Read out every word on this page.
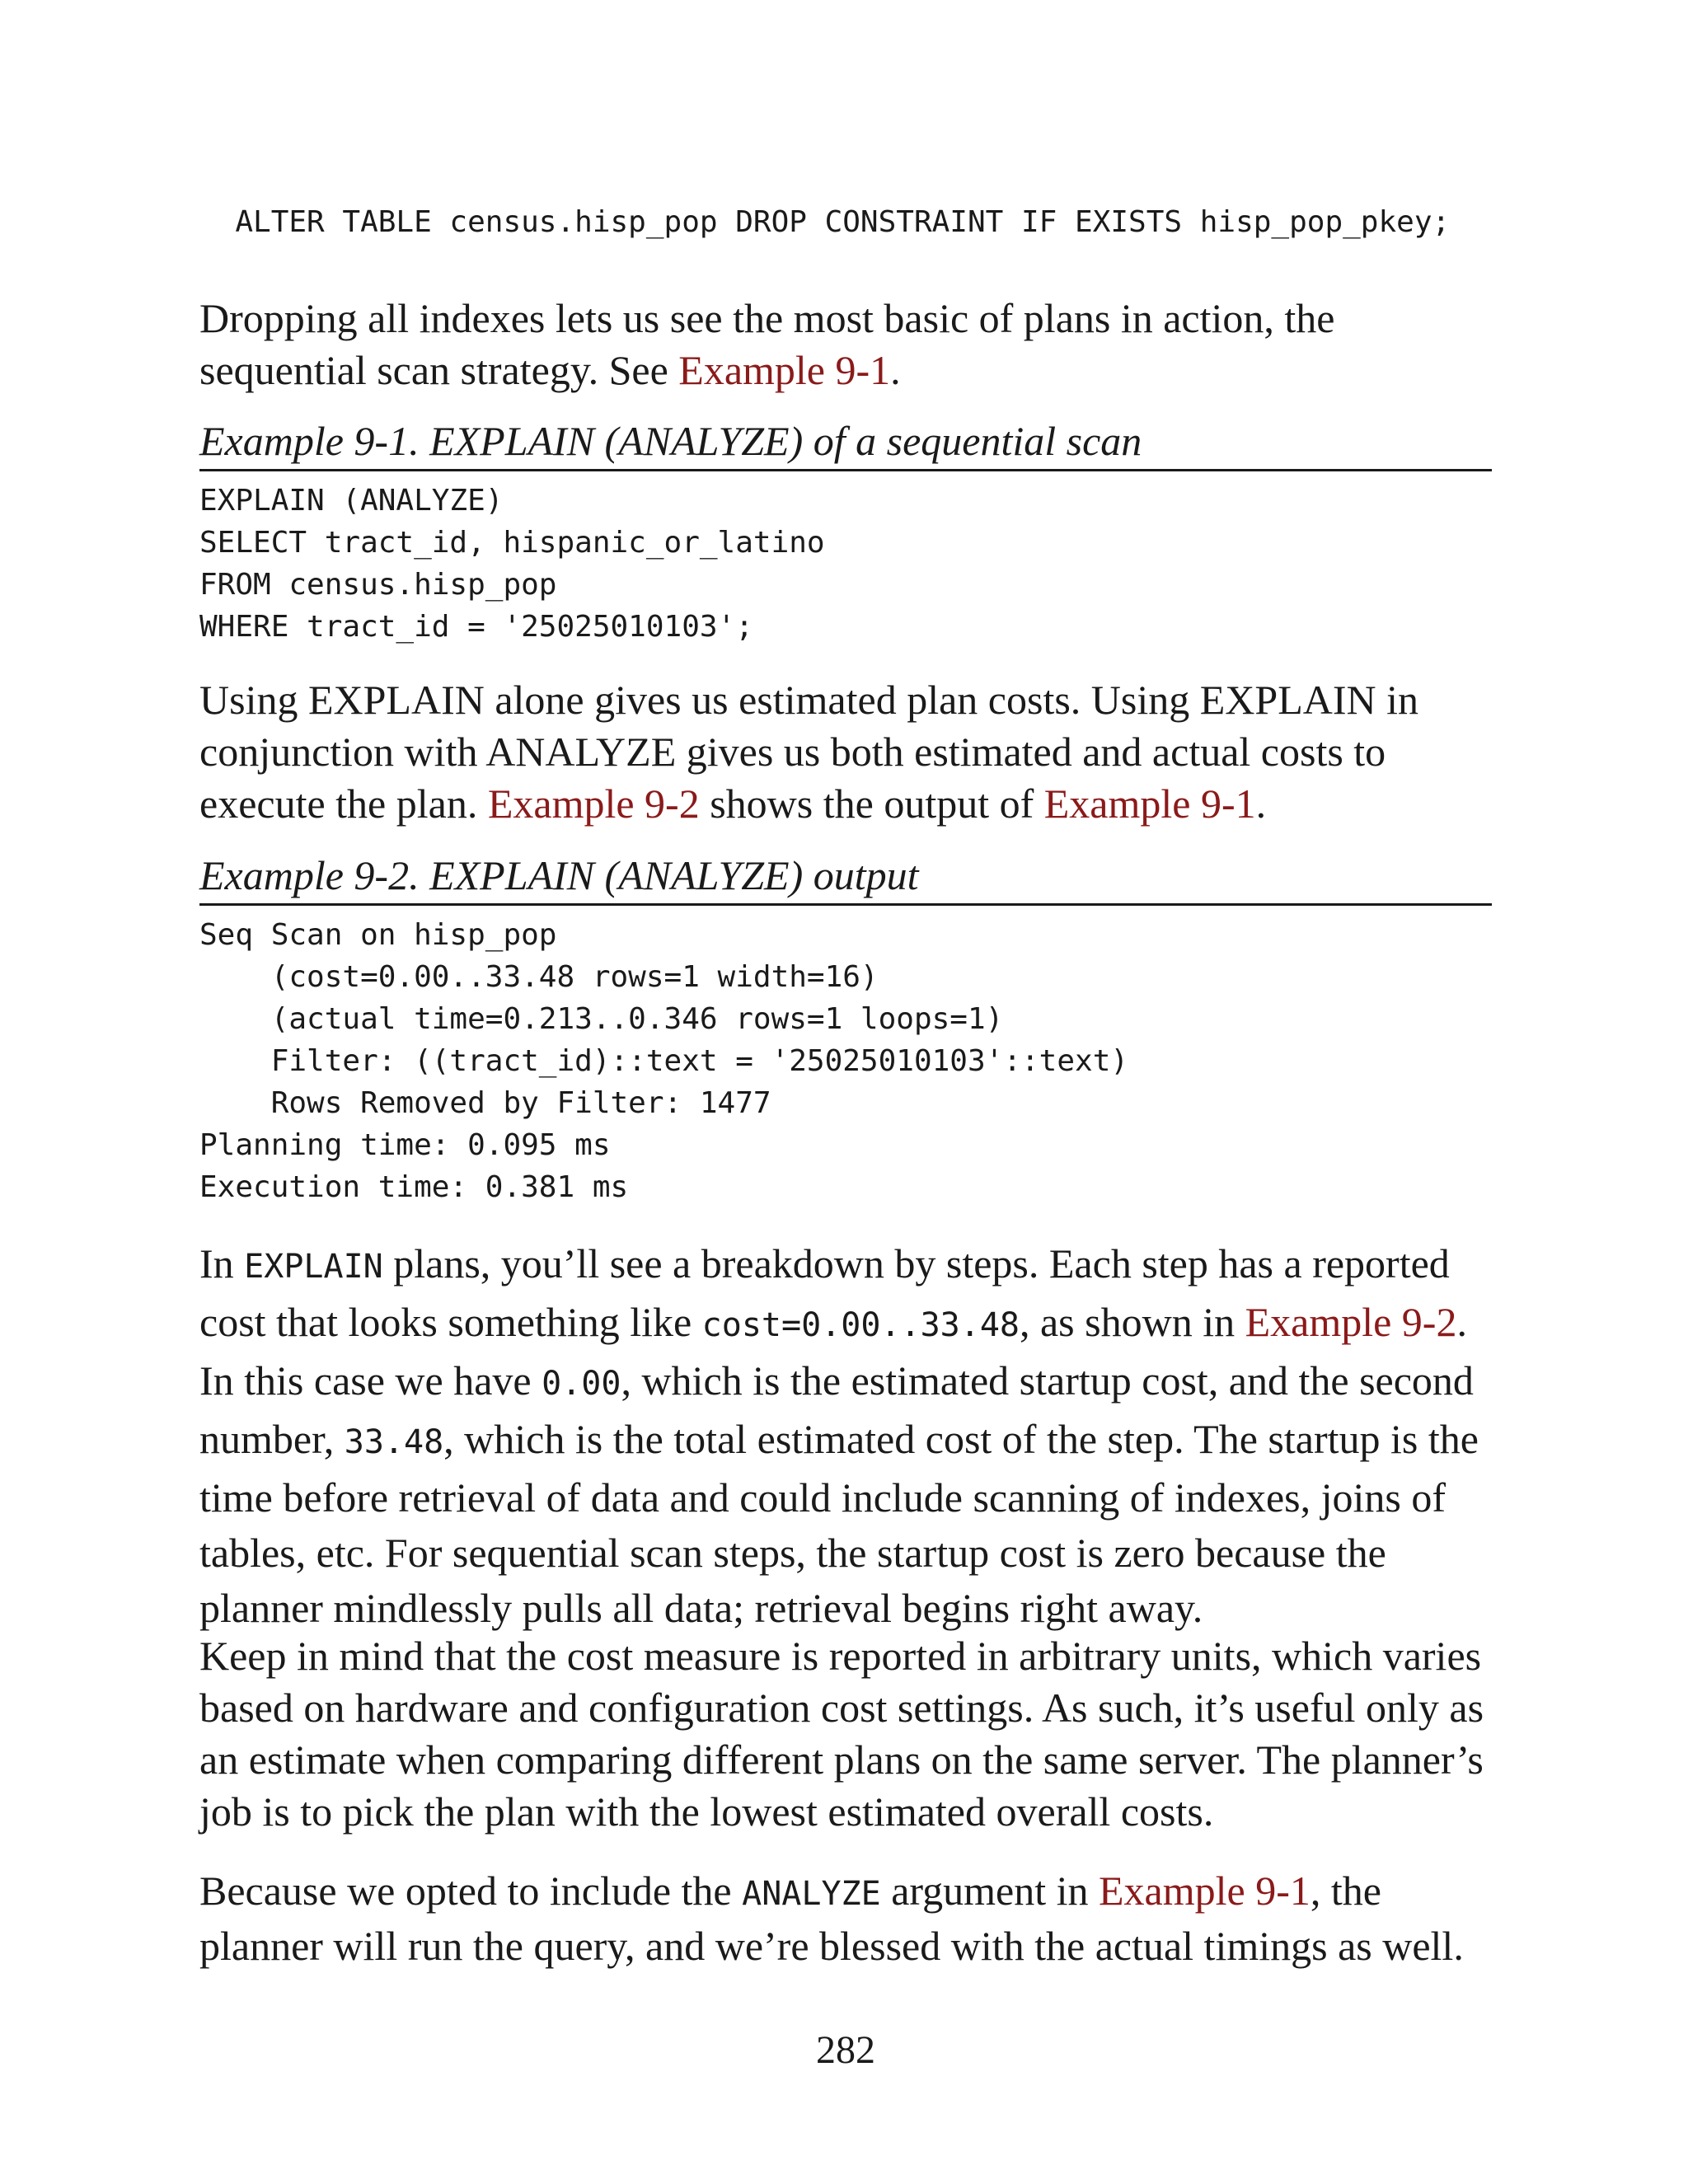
ALTER TABLE census.hisp_pop DROP CONSTRAINT IF EXISTS hisp_pop_pkey;

Dropping all indexes lets us see the most basic of plans in action, the sequential scan strategy. See Example 9-1.

Example 9-1. EXPLAIN (ANALYZE) of a sequential scan
EXPLAIN (ANALYZE)
SELECT tract_id, hispanic_or_latino
FROM census.hisp_pop
WHERE tract_id = '25025010103';

Using EXPLAIN alone gives us estimated plan costs. Using EXPLAIN in conjunction with ANALYZE gives us both estimated and actual costs to execute the plan. Example 9-2 shows the output of Example 9-1.

Example 9-2. EXPLAIN (ANALYZE) output
Seq Scan on hisp_pop
(cost=0.00..33.48 rows=1 width=16)
(actual time=0.213..0.346 rows=1 loops=1)
Filter: ((tract_id)::text = '25025010103'::text)
Rows Removed by Filter: 1477
Planning time: 0.095 ms
Execution time: 0.381 ms

In EXPLAIN plans, you’ll see a breakdown by steps. Each step has a reported cost that looks something like cost=0.00..33.48, as shown in Example 9-2. In this case we have 0.00, which is the estimated startup cost, and the second number, 33.48, which is the total estimated cost of the step. The startup is the time before retrieval of data and could include scanning of indexes, joins of tables, etc. For sequential scan steps, the startup cost is zero because the planner mindlessly pulls all data; retrieval begins right away.

Keep in mind that the cost measure is reported in arbitrary units, which varies based on hardware and configuration cost settings. As such, it’s useful only as an estimate when comparing different plans on the same server. The planner’s job is to pick the plan with the lowest estimated overall costs.

Because we opted to include the ANALYZE argument in Example 9-1, the planner will run the query, and we’re blessed with the actual timings as well.

282
